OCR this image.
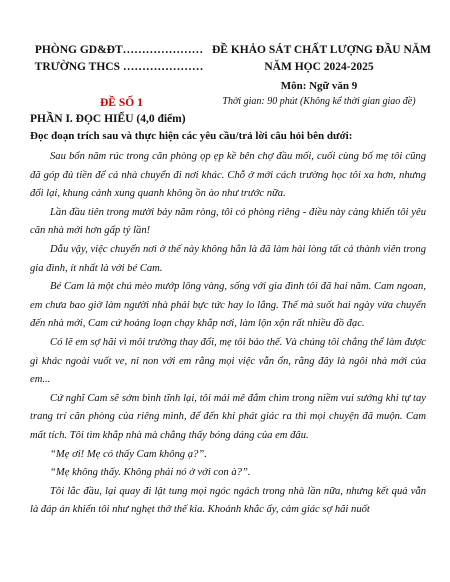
PHÒNG GD&ĐT…………………
TRƯỜNG THCS …………………
ĐỀ KHẢO SÁT CHẤT LƯỢNG ĐẦU NĂM
NĂM HỌC 2024-2025
Môn: Ngữ văn 9
Thời gian: 90 phút (Không kể thời gian giao đề)
ĐỀ SỐ 1
PHẦN I. ĐỌC HIỂU (4,0 điểm)
Đọc đoạn trích sau và thực hiện các yêu cầu/trả lời câu hỏi bên dưới:

Sau bốn năm rúc trong căn phòng ọp ẹp kề bên chợ đầu mối, cuối cùng bố mẹ tôi cũng đã góp đủ tiền để cả nhà chuyển đi nơi khác. Chỗ ở mới cách trường học tôi xa hơn, nhưng đổi lại, khung cảnh xung quanh không ồn ào như trước nữa.

Lần đầu tiên trong mười bảy năm ròng, tôi có phòng riêng - điều này càng khiến tôi yêu căn nhà mới hơn gấp tỷ lần!

Dẫu vậy, việc chuyển nơi ở thế này không hẳn là đã làm hài lòng tất cả thành viên trong gia đình, ít nhất là với bé Cam.

Bé Cam là một chú mèo mướp lông vàng, sống với gia đình tôi đã hai năm. Cam ngoan, em chưa bao giờ làm người nhà phải bực tức hay lo lắng. Thế mà suốt hai ngày vừa chuyển đến nhà mới, Cam cứ hoảng loạn chạy khắp nơi, làm lộn xộn rất nhiều đồ đạc.

Có lẽ em sợ hãi vì môi trường thay đổi, mẹ tôi bảo thế. Và chúng tôi chẳng thể làm được gì khác ngoài vuốt ve, ni non với em rằng mọi việc vẫn ổn, rằng đây là ngôi nhà mới của em...

Cứ nghĩ Cam sẽ sớm bình tĩnh lại, tôi mải mê đắm chìm trong niềm vui sướng khi tự tay trang trí căn phòng của riêng mình, để đến khi phát giác ra thì mọi chuyện đã muộn. Cam mất tích. Tôi tìm khắp nhà mà chẳng thấy bóng dáng của em đâu.

“Mẹ ơi! Mẹ có thấy Cam không ạ?”.

“Mẹ không thấy. Không phải nó ở với con à?”.

Tôi lắc đầu, lại quay đi lật tung mọi ngóc ngách trong nhà lần nữa, nhưng kết quả vẫn là đáp án khiến tôi như nghẹt thở thế kia. Khoảnh khắc ấy, cảm giác sợ hãi nuốt
